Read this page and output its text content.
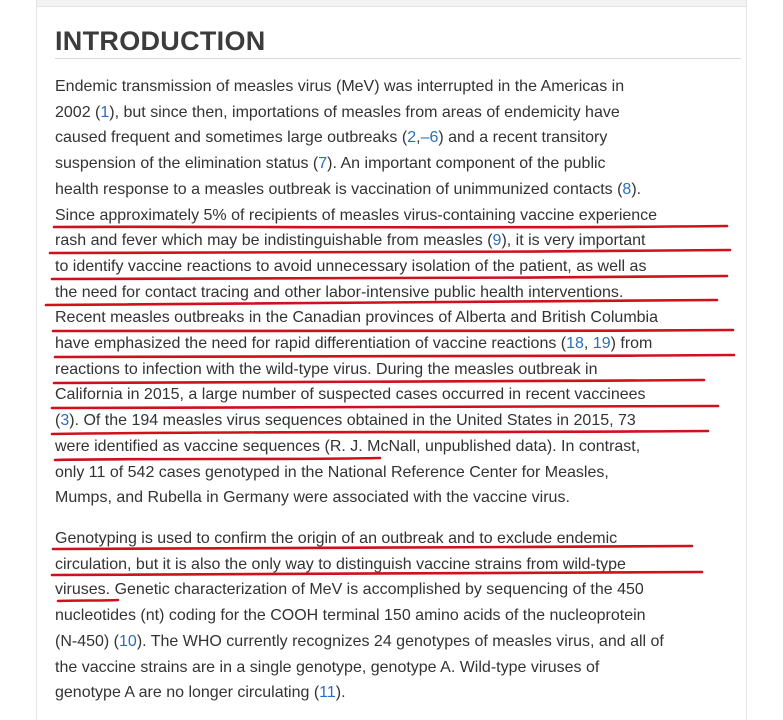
INTRODUCTION

Endemic transmission of measles virus (MeV) was interrupted in the Americas in
2002 (1), but since then, importations of measles from areas of endemicity have
caused frequent and sometimes large outbreaks (2,–6) and a recent transitory
suspension of the elimination status (7). An important component of the public
health response to a measles outbreak is vaccination of unimmunized contacts (8).
Since approximately 5% of recipients of measles virus-containing vaccine experience
rash and fever which may be indistinguishable from measles (9), it is very important
to identify vaccine reactions to avoid unnecessary isolation of the patient, as well as
the need for contact tracing and other labor-intensive public health interventions.
Recent measles outbreaks in the Canadian provinces of Alberta and British Columbia
have emphasized the need for rapid differentiation of vaccine reactions (18, 19) from
reactions to infection with the wild-type virus. During the measles outbreak in
California in 2015, a large number of suspected cases occurred in recent vaccinees
(3). Of the 194 measles virus sequences obtained in the United States in 2015, 73
were identified as vaccine sequences (R. J. McNall, unpublished data). In contrast,
only 11 of 542 cases genotyped in the National Reference Center for Measles,
Mumps, and Rubella in Germany were associated with the vaccine virus.

Genotyping is used to confirm the origin of an outbreak and to exclude endemic
circulation, but it is also the only way to distinguish vaccine strains from wild-type
viruses. Genetic characterization of MeV is accomplished by sequencing of the 450
nucleotides (nt) coding for the COOH terminal 150 amino acids of the nucleoprotein
(N-450) (10). The WHO currently recognizes 24 genotypes of measles virus, and all of
the vaccine strains are in a single genotype, genotype A. Wild-type viruses of
genotype A are no longer circulating (11).
